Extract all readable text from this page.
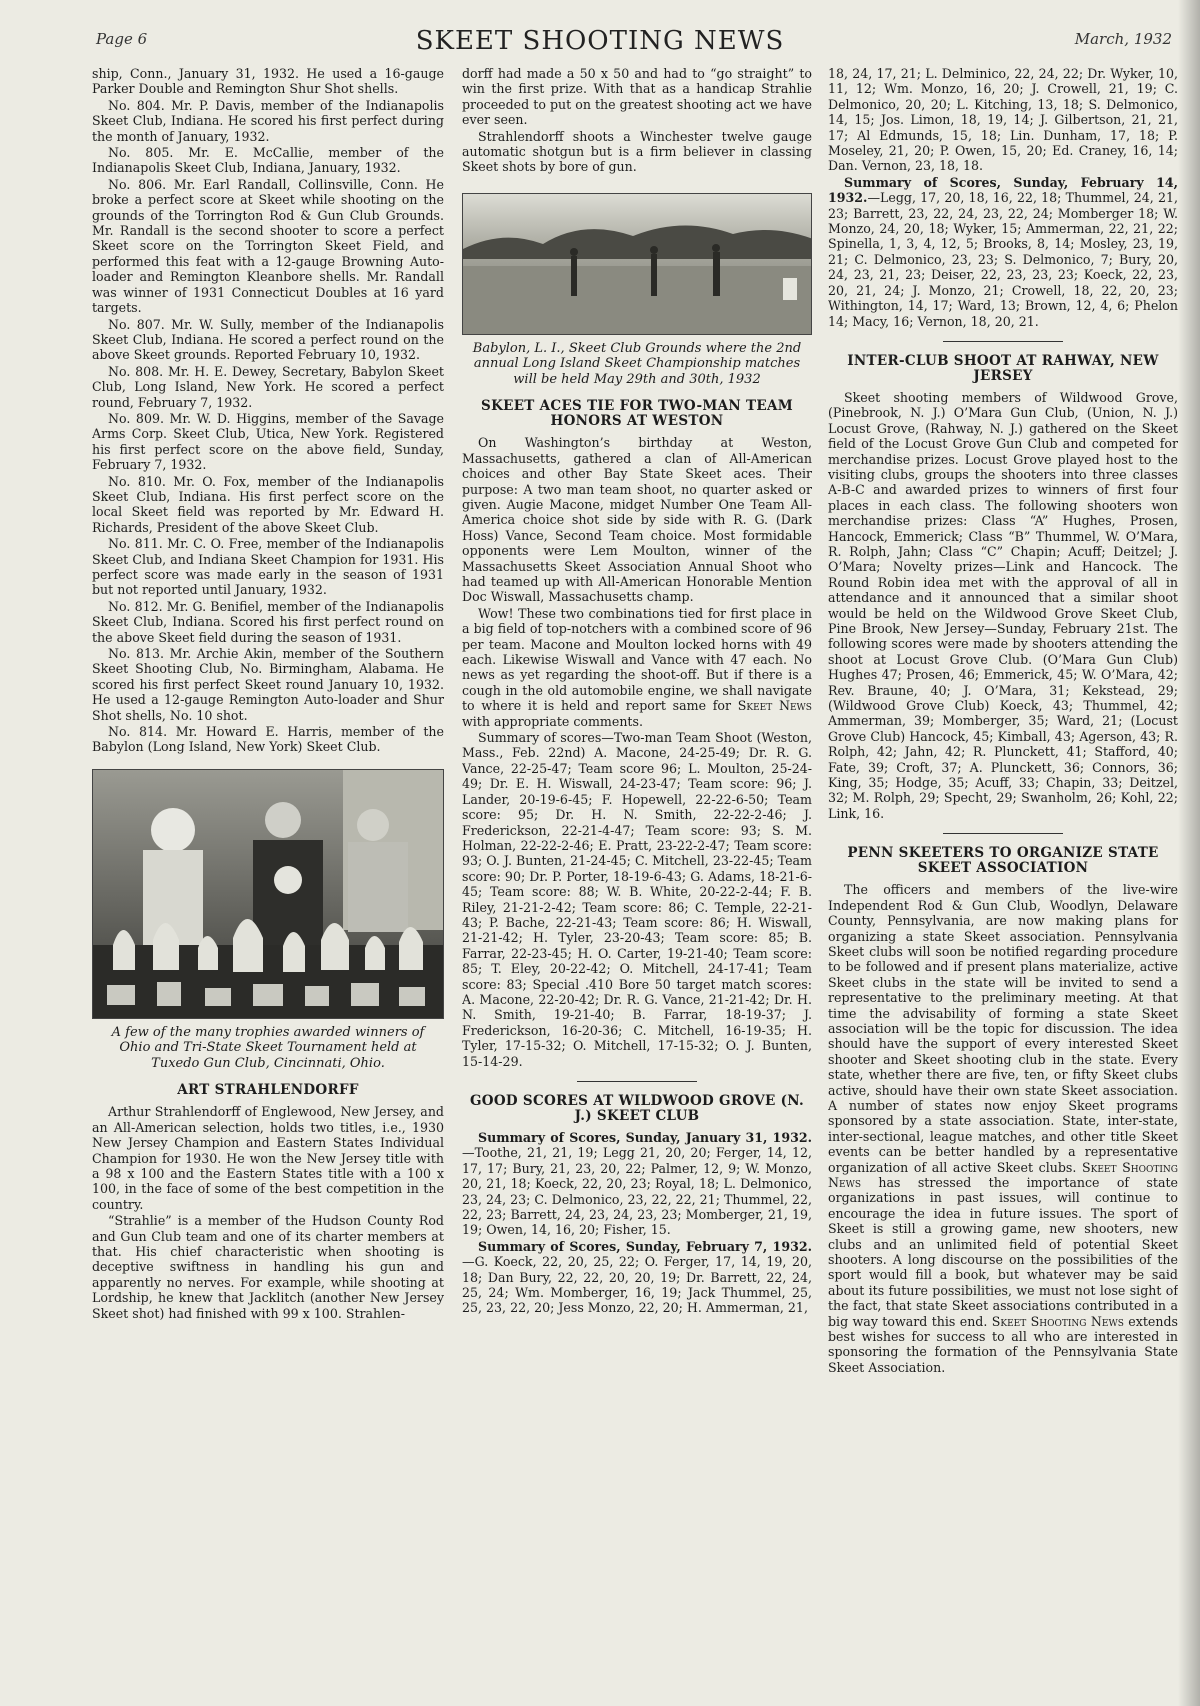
Page 6	SKEET SHOOTING NEWS	March, 1932

ship, Conn., January 31, 1932. He used a 16-gauge Parker Double and Remington Shur Shot shells.

No. 804. Mr. P. Davis, member of the Indianapolis Skeet Club, Indiana. He scored his first perfect during the month of January, 1932.

No. 805. Mr. E. McCallie, member of the Indianapolis Skeet Club, Indiana, January, 1932.

No. 806. Mr. Earl Randall, Collinsville, Conn. He broke a perfect score at Skeet while shooting on the grounds of the Torrington Rod & Gun Club Grounds. Mr. Randall is the second shooter to score a perfect Skeet score on the Torrington Skeet Field, and performed this feat with a 12-gauge Browning Auto-loader and Remington Kleanbore shells. Mr. Randall was winner of 1931 Connecticut Doubles at 16 yard targets.

No. 807. Mr. W. Sully, member of the Indianapolis Skeet Club, Indiana. He scored a perfect round on the above Skeet grounds. Reported February 10, 1932.

No. 808. Mr. H. E. Dewey, Secretary, Babylon Skeet Club, Long Island, New York. He scored a perfect round, February 7, 1932.

No. 809. Mr. W. D. Higgins, member of the Savage Arms Corp. Skeet Club, Utica, New York. Registered his first perfect score on the above field, Sunday, February 7, 1932.

No. 810. Mr. O. Fox, member of the Indianapolis Skeet Club, Indiana. His first perfect score on the local Skeet field was reported by Mr. Edward H. Richards, President of the above Skeet Club.

No. 811. Mr. C. O. Free, member of the Indianapolis Skeet Club, and Indiana Skeet Champion for 1931. His perfect score was made early in the season of 1931 but not reported until January, 1932.

No. 812. Mr. G. Benifiel, member of the Indianapolis Skeet Club, Indiana. Scored his first perfect round on the above Skeet field during the season of 1931.

No. 813. Mr. Archie Akin, member of the Southern Skeet Shooting Club, No. Birmingham, Alabama. He scored his first perfect Skeet round January 10, 1932. He used a 12-gauge Remington Auto-loader and Shur Shot shells, No. 10 shot.

No. 814. Mr. Howard E. Harris, member of the Babylon (Long Island, New York) Skeet Club.

A few of the many trophies awarded winners of Ohio and Tri-State Skeet Tournament held at Tuxedo Gun Club, Cincinnati, Ohio.
ART STRAHLENDORFF

Arthur Strahlendorff of Englewood, New Jersey, and an All-American selection, holds two titles, i.e., 1930 New Jersey Champion and Eastern States Individual Champion for 1930. He won the New Jersey title with a 98 x 100 and the Eastern States title with a 100 x 100, in the face of some of the best competition in the country.

“Strahlie” is a member of the Hudson County Rod and Gun Club team and one of its charter members at that. His chief characteristic when shooting is deceptive swiftness in handling his gun and apparently no nerves. For example, while shooting at Lordship, he knew that Jacklitch (another New Jersey Skeet shot) had finished with 99 x 100. Strahlen-

dorff had made a 50 x 50 and had to “go straight” to win the first prize. With that as a handicap Strahlie proceeded to put on the greatest shooting act we have ever seen.

Strahlendorff shoots a Winchester twelve gauge automatic shotgun but is a firm believer in classing Skeet shots by bore of gun.

Babylon, L. I., Skeet Club Grounds where the 2nd annual Long Island Skeet Championship matches will be held May 29th and 30th, 1932
SKEET ACES TIE FOR TWO-MAN TEAM HONORS AT WESTON

On Washington’s birthday at Weston, Massachusetts, gathered a clan of All-American choices and other Bay State Skeet aces. Their purpose: A two man team shoot, no quarter asked or given. Augie Macone, midget Number One Team All-America choice shot side by side with R. G. (Dark Hoss) Vance, Second Team choice. Most formidable opponents were Lem Moulton, winner of the Massachusetts Skeet Association Annual Shoot who had teamed up with All-American Honorable Mention Doc Wiswall, Massachusetts champ.

Wow! These two combinations tied for first place in a big field of top-notchers with a combined score of 96 per team. Macone and Moulton locked horns with 49 each. Likewise Wiswall and Vance with 47 each. No news as yet regarding the shoot-off. But if there is a cough in the old automobile engine, we shall navigate to where it is held and report same for Skeet News with appropriate comments.

Summary of scores—Two-man Team Shoot (Weston, Mass., Feb. 22nd) A. Macone, 24-25-49; Dr. R. G. Vance, 22-25-47; Team score 96; L. Moulton, 25-24-49; Dr. E. H. Wiswall, 24-23-47; Team score: 96; J. Lander, 20-19-6-45; F. Hopewell, 22-22-6-50; Team score: 95; Dr. H. N. Smith, 22-22-2-46; J. Frederickson, 22-21-4-47; Team score: 93; S. M. Holman, 22-22-2-46; E. Pratt, 23-22-2-47; Team score: 93; O. J. Bunten, 21-24-45; C. Mitchell, 23-22-45; Team score: 90; Dr. P. Porter, 18-19-6-43; G. Adams, 18-21-6-45; Team score: 88; W. B. White, 20-22-2-44; F. B. Riley, 21-21-2-42; Team score: 86; C. Temple, 22-21-43; P. Bache, 22-21-43; Team score: 86; H. Wiswall, 21-21-42; H. Tyler, 23-20-43; Team score: 85; B. Farrar, 22-23-45; H. O. Carter, 19-21-40; Team score: 85; T. Eley, 20-22-42; O. Mitchell, 24-17-41; Team score: 83; Special .410 Bore 50 target match scores: A. Macone, 22-20-42; Dr. R. G. Vance, 21-21-42; Dr. H. N. Smith, 19-21-40; B. Farrar, 18-19-37; J. Frederickson, 16-20-36; C. Mitchell, 16-19-35; H. Tyler, 17-15-32; O. Mitchell, 17-15-32; O. J. Bunten, 15-14-29.

GOOD SCORES AT WILDWOOD GROVE (N. J.) SKEET CLUB

Summary of Scores, Sunday, January 31, 1932.—Toothe, 21, 21, 19; Legg 21, 20, 20; Ferger, 14, 12, 17, 17; Bury, 21, 23, 20, 22; Palmer, 12, 9; W. Monzo, 20, 21, 18; Koeck, 22, 20, 23; Royal, 18; L. Delmonico, 23, 24, 23; C. Delmonico, 23, 22, 22, 21; Thummel, 22, 22, 23; Barrett, 24, 23, 24, 23, 23; Momberger, 21, 19, 19; Owen, 14, 16, 20; Fisher, 15.

Summary of Scores, Sunday, February 7, 1932.—G. Koeck, 22, 20, 25, 22; O. Ferger, 17, 14, 19, 20, 18; Dan Bury, 22, 22, 20, 20, 19; Dr. Barrett, 22, 24, 25, 24; Wm. Momberger, 16, 19; Jack Thummel, 25, 25, 23, 22, 20; Jess Monzo, 22, 20; H. Ammerman, 21,

18, 24, 17, 21; L. Delminico, 22, 24, 22; Dr. Wyker, 10, 11, 12; Wm. Monzo, 16, 20; J. Crowell, 21, 19; C. Delmonico, 20, 20; L. Kitching, 13, 18; S. Delmonico, 14, 15; Jos. Limon, 18, 19, 14; J. Gilbertson, 21, 21, 17; Al Edmunds, 15, 18; Lin. Dunham, 17, 18; P. Moseley, 21, 20; P. Owen, 15, 20; Ed. Craney, 16, 14; Dan. Vernon, 23, 18, 18.

Summary of Scores, Sunday, February 14, 1932.—Legg, 17, 20, 18, 16, 22, 18; Thummel, 24, 21, 23; Barrett, 23, 22, 24, 23, 22, 24; Momberger 18; W. Monzo, 24, 20, 18; Wyker, 15; Ammerman, 22, 21, 22; Spinella, 1, 3, 4, 12, 5; Brooks, 8, 14; Mosley, 23, 19, 21; C. Delmonico, 23, 23; S. Delmonico, 7; Bury, 20, 24, 23, 21, 23; Deiser, 22, 23, 23, 23; Koeck, 22, 23, 20, 21, 24; J. Monzo, 21; Crowell, 18, 22, 20, 23; Withington, 14, 17; Ward, 13; Brown, 12, 4, 6; Phelon 14; Macy, 16; Vernon, 18, 20, 21.

INTER-CLUB SHOOT AT RAHWAY, NEW JERSEY

Skeet shooting members of Wildwood Grove, (Pinebrook, N. J.) O’Mara Gun Club, (Union, N. J.) Locust Grove, (Rahway, N. J.) gathered on the Skeet field of the Locust Grove Gun Club and competed for merchandise prizes. Locust Grove played host to the visiting clubs, groups the shooters into three classes A-B-C and awarded prizes to winners of first four places in each class. The following shooters won merchandise prizes: Class “A” Hughes, Prosen, Hancock, Emmerick; Class “B” Thummel, W. O’Mara, R. Rolph, Jahn; Class “C” Chapin; Acuff; Deitzel; J. O’Mara; Novelty prizes—Link and Hancock. The Round Robin idea met with the approval of all in attendance and it announced that a similar shoot would be held on the Wildwood Grove Skeet Club, Pine Brook, New Jersey—Sunday, February 21st. The following scores were made by shooters attending the shoot at Locust Grove Club. (O’Mara Gun Club) Hughes 47; Prosen, 46; Emmerick, 45; W. O’Mara, 42; Rev. Braune, 40; J. O’Mara, 31; Kekstead, 29; (Wildwood Grove Club) Koeck, 43; Thummel, 42; Ammerman, 39; Momberger, 35; Ward, 21; (Locust Grove Club) Hancock, 45; Kimball, 43; Agerson, 43; R. Rolph, 42; Jahn, 42; R. Plunckett, 41; Stafford, 40; Fate, 39; Croft, 37; A. Plunckett, 36; Connors, 36; King, 35; Hodge, 35; Acuff, 33; Chapin, 33; Deitzel, 32; M. Rolph, 29; Specht, 29; Swanholm, 26; Kohl, 22; Link, 16.

PENN SKEETERS TO ORGANIZE STATE SKEET ASSOCIATION

The officers and members of the live-wire Independent Rod & Gun Club, Woodlyn, Delaware County, Pennsylvania, are now making plans for organizing a state Skeet association. Pennsylvania Skeet clubs will soon be notified regarding procedure to be followed and if present plans materialize, active Skeet clubs in the state will be invited to send a representative to the preliminary meeting. At that time the advisability of forming a state Skeet association will be the topic for discussion. The idea should have the support of every interested Skeet shooter and Skeet shooting club in the state. Every state, whether there are five, ten, or fifty Skeet clubs active, should have their own state Skeet association. A number of states now enjoy Skeet programs sponsored by a state association. State, inter-state, inter-sectional, league matches, and other title Skeet events can be better handled by a representative organization of all active Skeet clubs. Skeet Shooting News has stressed the importance of state organizations in past issues, will continue to encourage the idea in future issues. The sport of Skeet is still a growing game, new shooters, new clubs and an unlimited field of potential Skeet shooters. A long discourse on the possibilities of the sport would fill a book, but whatever may be said about its future possibilities, we must not lose sight of the fact, that state Skeet associations contributed in a big way toward this end. Skeet Shooting News extends best wishes for success to all who are interested in sponsoring the formation of the Pennsylvania State Skeet Association.
